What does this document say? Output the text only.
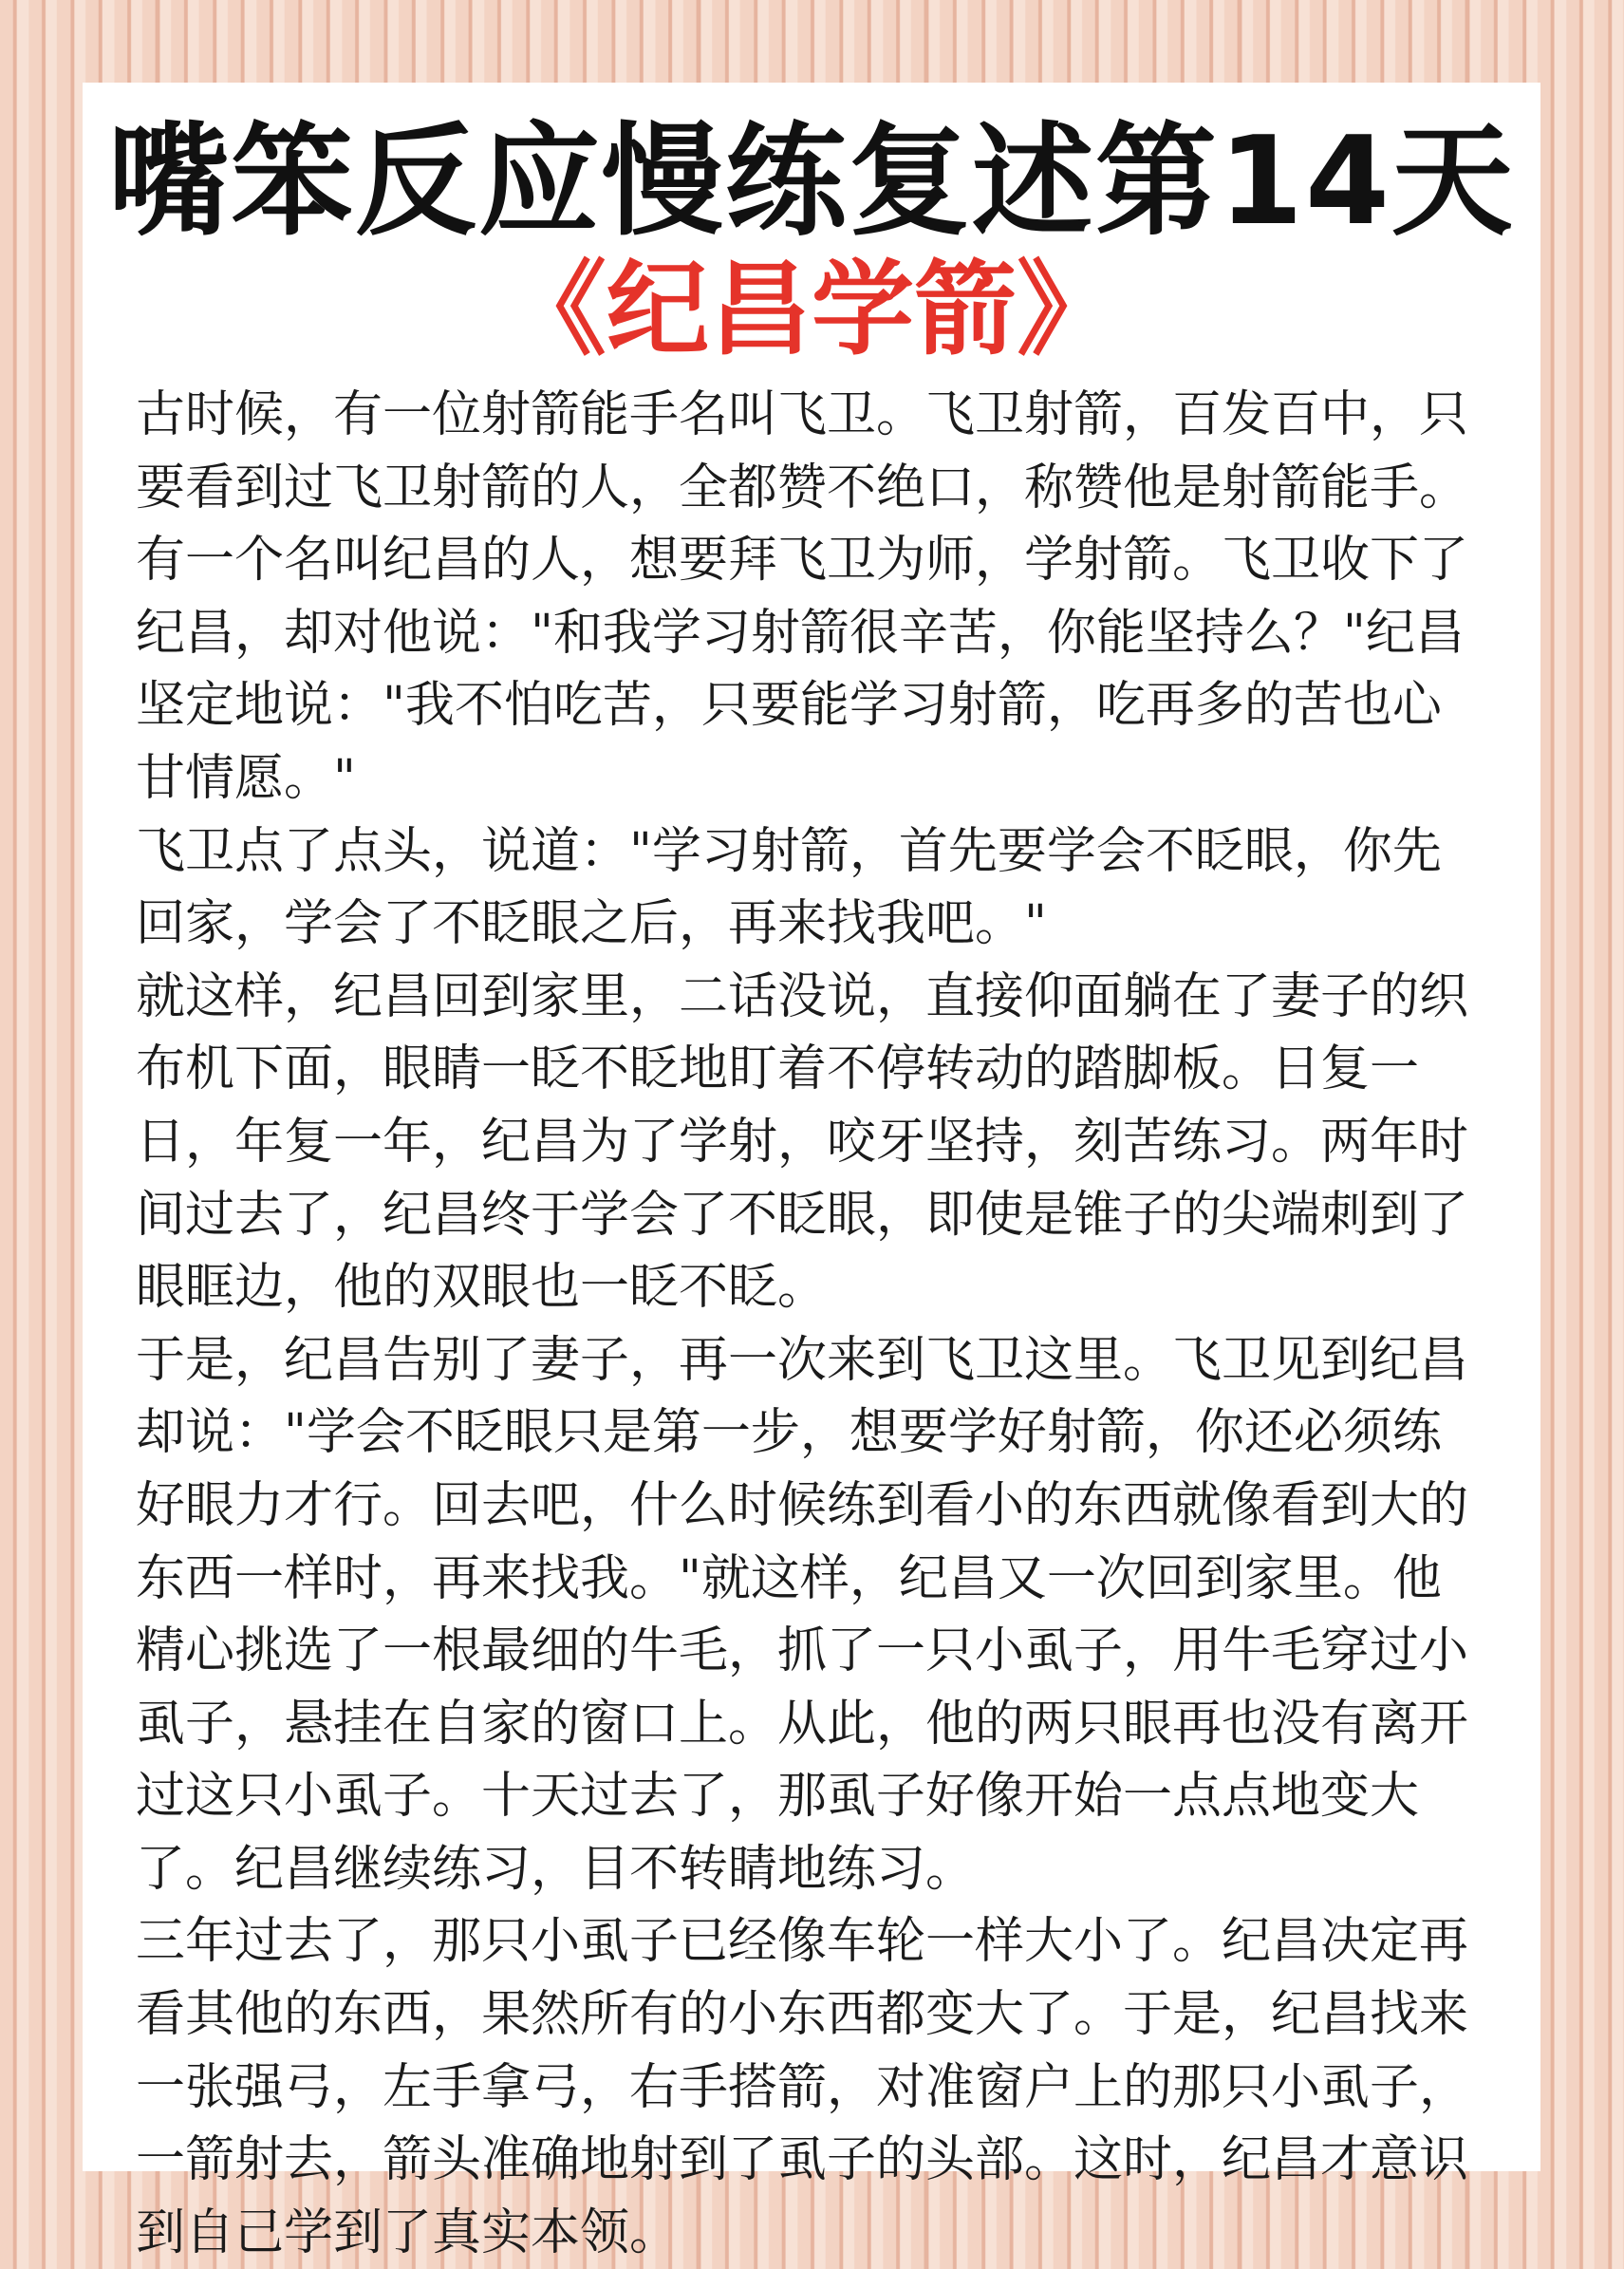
嘴笨反应慢练复述第14天
《纪昌学箭》

古时候，有一位射箭能手名叫飞卫。飞卫射箭，百发百中，只要看到过飞卫射箭的人，全都赞不绝口，称赞他是射箭能手。

有一个名叫纪昌的人，想要拜飞卫为师，学射箭。飞卫收下了纪昌，却对他说："和我学习射箭很辛苦，你能坚持么？"纪昌坚定地说："我不怕吃苦，只要能学习射箭，吃再多的苦也心甘情愿。"

飞卫点了点头，说道："学习射箭，首先要学会不眨眼，你先回家，学会了不眨眼之后，再来找我吧。"

就这样，纪昌回到家里，二话没说，直接仰面躺在了妻子的织布机下面，眼睛一眨不眨地盯着不停转动的踏脚板。日复一日，年复一年，纪昌为了学射，咬牙坚持，刻苦练习。两年时间过去了，纪昌终于学会了不眨眼，即使是锥子的尖端刺到了眼眶边，他的双眼也一眨不眨。

于是，纪昌告别了妻子，再一次来到飞卫这里。飞卫见到纪昌却说："学会不眨眼只是第一步，想要学好射箭，你还必须练好眼力才行。回去吧，什么时候练到看小的东西就像看到大的东西一样时，再来找我。"就这样，纪昌又一次回到家里。他精心挑选了一根最细的牛毛，抓了一只小虱子，用牛毛穿过小虱子，悬挂在自家的窗口上。从此，他的两只眼再也没有离开过这只小虱子。十天过去了，那虱子好像开始一点点地变大了。纪昌继续练习，目不转睛地练习。

三年过去了，那只小虱子已经像车轮一样大小了。纪昌决定再看其他的东西，果然所有的小东西都变大了。于是，纪昌找来一张强弓，左手拿弓，右手搭箭，对准窗户上的那只小虱子，一箭射去，箭头准确地射到了虱子的头部。这时，纪昌才意识到自己学到了真实本领。
